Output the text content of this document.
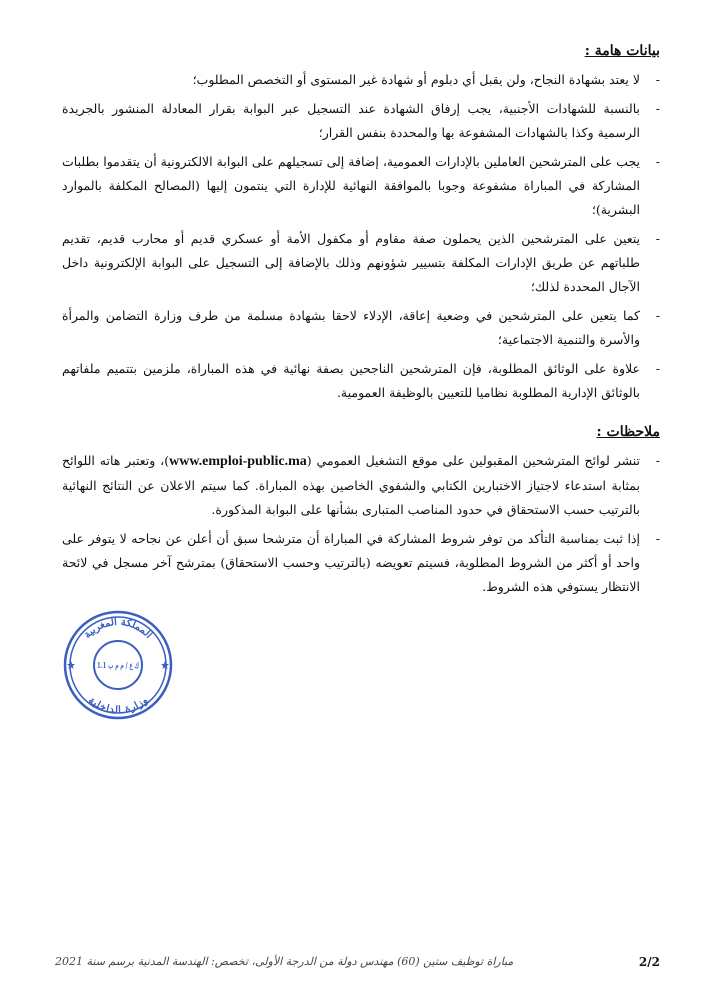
بيانات هامة :
-
لا يعتد بشهادة النجاح، ولن يقبل أي دبلوم أو شهادة غير المستوى أو التخصص المطلوب؛
-
بالنسبة للشهادات الأجنبية، يجب إرفاق الشهادة عند التسجيل عبر البوابة بقرار المعادلة المنشور بالجريدة الرسمية وكذا بالشهادات المشفوعة بها والمحددة بنفس القرار؛
-
يجب على المترشحين العاملين بالإدارات العمومية، إضافة إلى تسجيلهم على البوابة الالكترونية أن يتقدموا بطلبات المشاركة في المباراة مشفوعة وجوبا بالموافقة النهائية للإدارة التي ينتمون إليها (المصالح المكلفة بالموارد البشرية)؛
-
يتعين على المترشحين الذين يحملون صفة مقاوم أو مكفول الأمة أو عسكري قديم أو محارب قديم، تقديم طلباتهم عن طريق الإدارات المكلفة بتسيير شؤونهم وذلك بالإضافة إلى التسجيل على البوابة الإلكترونية داخل الآجال المحددة لذلك؛
-
كما يتعين على المترشحين في وضعية إعاقة، الإدلاء لاحقا بشهادة مسلمة من طرف وزارة التضامن والمرأة والأسرة والتنمية الاجتماعية؛
-
علاوة على الوثائق المطلوبة، فإن المترشحين الناجحين بصفة نهائية في هذه المباراة، ملزمين بتتميم ملفاتهم بالوثائق الإدارية المطلوبة نظاميا للتعيين بالوظيفة العمومية.
ملاحظات :
-
تنشر لوائح المترشحين المقبولين على موقع التشغيل العمومي (www.emploi-public.ma)، وتعتبر هاته اللوائح بمثابة استدعاء لاجتياز الاختبارين الكتابي والشفوي الخاصين بهذه المباراة. كما سيتم الاعلان عن النتائج النهائية بالترتيب حسب الاستحقاق في حدود المناصب المتبارى بشأنها على البوابة المذكورة.
-
إذا ثبت بمناسبة التأكد من توفر شروط المشاركة في المباراة أن مترشحا سبق أن أعلن عن نجاحه لا يتوفر على واحد أو أكثر من الشروط المطلوبة، فسيتم تعويضه (بالترتيب وحسب الاستحقاق) بمترشح آخر مسجل في لائحة الانتظار يستوفي هذه الشروط.
المملكة المغربية
وزارة الداخلية
ك ع / م م ب 1.1
مباراة توظيف ستين (60) مهندس دولة من الدرجة الأولى، تخصص: الهندسة المدنية برسم سنة 2021	2/2
